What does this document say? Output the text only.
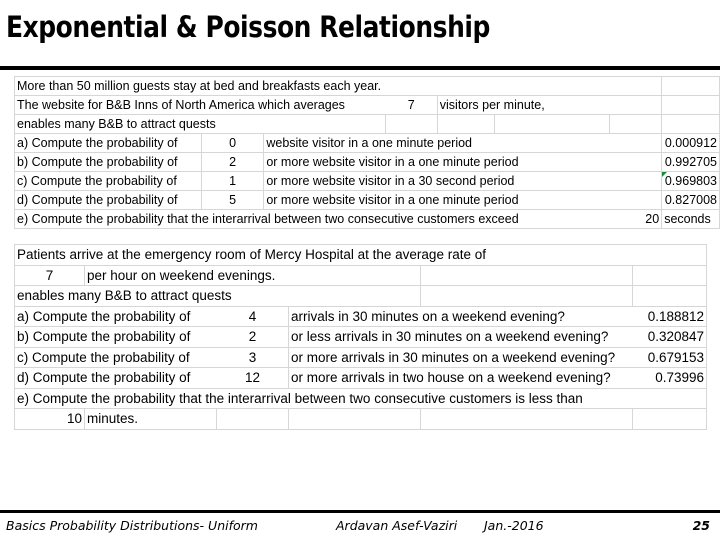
Exponential & Poisson Relationship
More than 50 million guests stay at bed and breakfasts each year.							
The website for B&B Inns of North America which averages			7	visitors per minute,			
enables many B&B to attract quests							
a) Compute the probability of	0	website visitor in a one minute period					0.000912
b) Compute the probability of	2	or more website visitor in a one minute period					0.992705
c) Compute the probability of	1	or more website visitor in a 30 second period					0.969803
d) Compute the probability of	5	or more website visitor in a one minute period					0.827008
e) Compute the probability that the interarrival between two consecutive customers exceed						20	seconds
Patients arrive at the emergency room of Mercy Hospital at the average rate of					
7	per hour on weekend evenings.				
enables many B&B to attract quests					
a) Compute the probability of		4	arrivals in 30 minutes on a weekend evening?		0.188812
b) Compute the probability of		2	or less arrivals in 30 minutes on a weekend evening?		0.320847
c) Compute the probability of		3	or more arrivals in 30 minutes on a weekend evening?		0.679153
d) Compute the probability of		12	or more arrivals in two house on a weekend evening?		0.73996
e) Compute the probability that the interarrival between two consecutive customers is less than					
10	minutes.				
Basics Probability Distributions- Uniform	Ardavan Asef-Vaziri Jan.-2016	25
